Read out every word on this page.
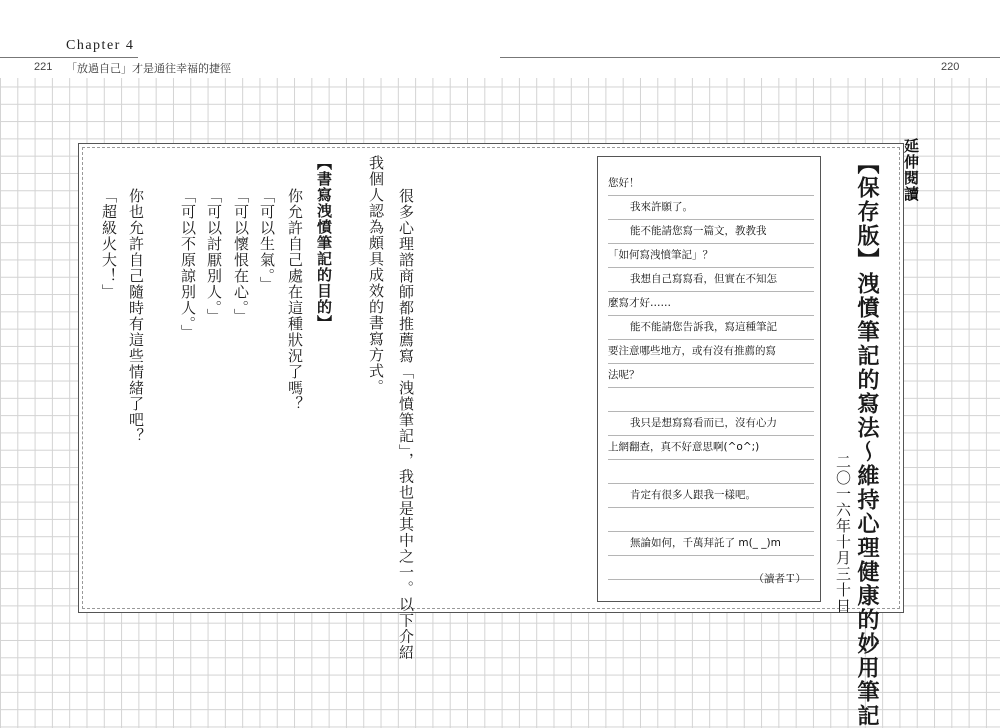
Chapter 4
221 「放過自己」才是通往幸福的捷徑	220
延伸閱讀
【保存版】洩憤筆記的寫法～維持心理健康的妙用筆記
二〇一六年十月三十日
您好！
我來許願了。
能不能請您寫一篇文，教教我
「如何寫洩憤筆記」？
我想自己寫寫看，但實在不知怎
麼寫才好……
能不能請您告訴我，寫這種筆記
要注意哪些地方，或有沒有推薦的寫
法呢？
我只是想寫寫看而已，沒有心力
上網翻查，真不好意思啊(^o^;)
肯定有很多人跟我一樣吧。
無論如何，千萬拜託了 m(_ _)m
（讀者Ｔ）
很多心理諮商師都推薦寫「洩憤筆記」，我也是其中之一。以下介紹
我個人認為頗具成效的書寫方式。
【書寫洩憤筆記的目的】
你允許自己處在這種狀況了嗎？
「可以生氣。」
「可以懷恨在心。」
「可以討厭別人。」
「可以不原諒別人。」
你也允許自己隨時有這些情緒了吧？
「超級火大！」
